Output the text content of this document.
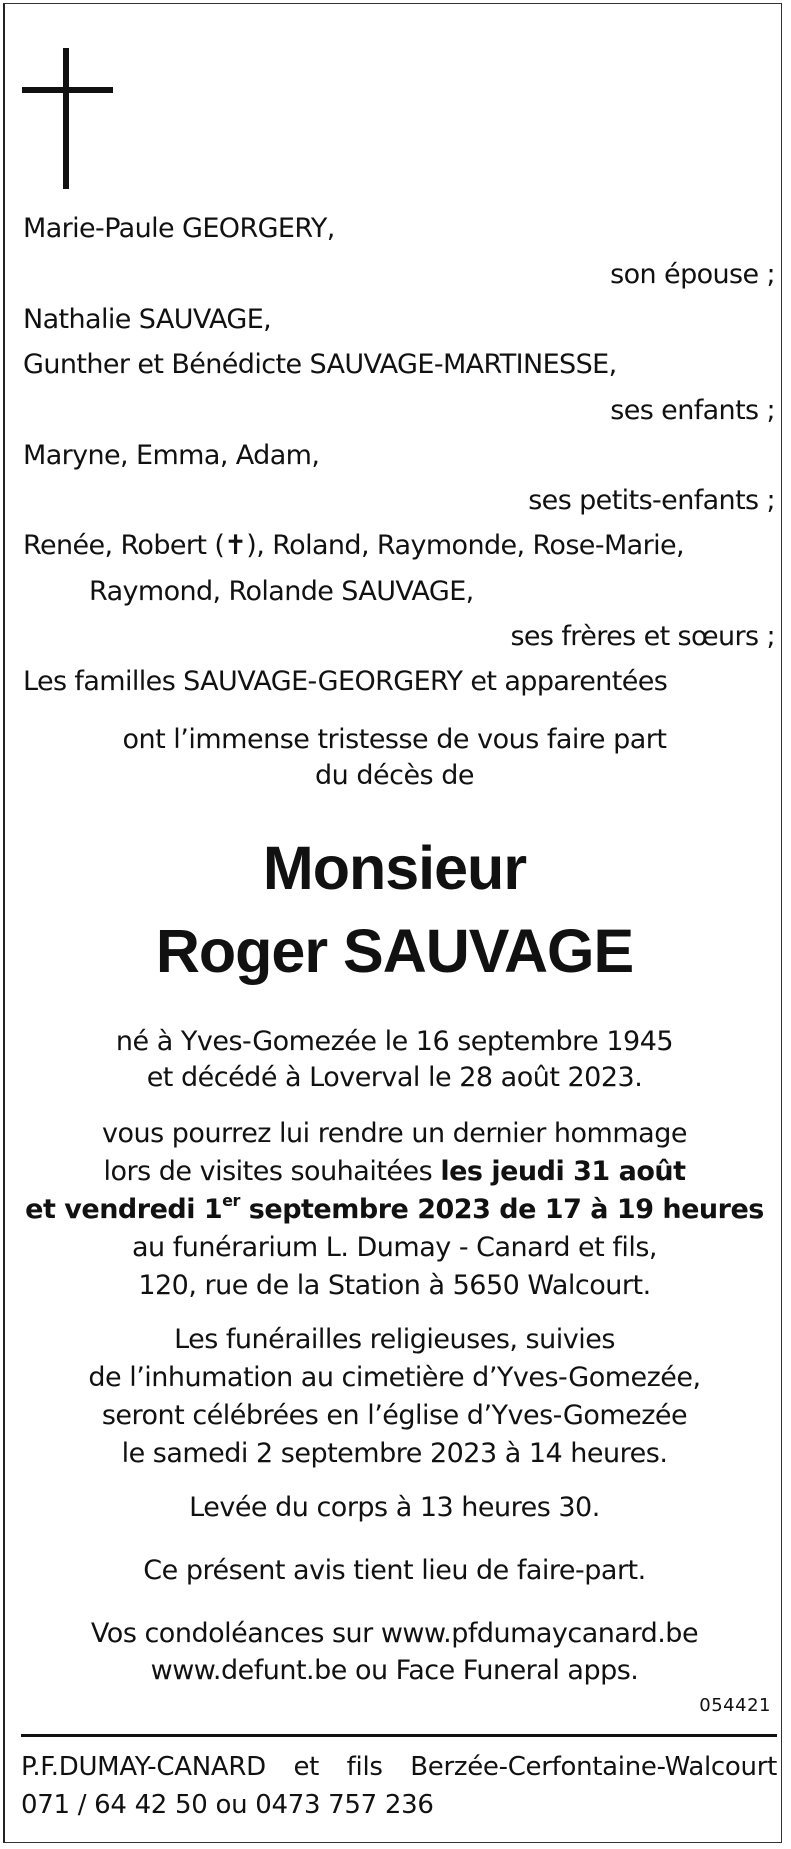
Marie-Paule GEORGERY,
son épouse ;
Nathalie SAUVAGE,
Gunther et Bénédicte SAUVAGE-MARTINESSE,
ses enfants ;
Maryne, Emma, Adam,
ses petits-enfants ;
Renée, Robert (✝), Roland, Raymonde, Rose-Marie,
Raymond, Rolande SAUVAGE,
ses frères et sœurs ;
Les familles SAUVAGE-GEORGERY et apparentées
ont l’immense tristesse de vous faire part
du décès de
Monsieur
Roger SAUVAGE
né à Yves-Gomezée le 16 septembre 1945
et décédé à Loverval le 28 août 2023.
vous pourrez lui rendre un dernier hommage
lors de visites souhaitées les jeudi 31 août
et vendredi 1er septembre 2023 de 17 à 19 heures
au funérarium L. Dumay - Canard et fils,
120, rue de la Station à 5650 Walcourt.
Les funérailles religieuses, suivies
de l’inhumation au cimetière d’Yves-Gomezée,
seront célébrées en l’église d’Yves-Gomezée
le samedi 2 septembre 2023 à 14 heures.
Levée du corps à 13 heures 30.
Ce présent avis tient lieu de faire-part.
Vos condoléances sur www.pfdumaycanard.be
www.defunt.be ou Face Funeral apps.
054421
P.F.DUMAY-CANARD et fils Berzée-Cerfontaine-Walcourt
071 / 64 42 50 ou 0473 757 236
